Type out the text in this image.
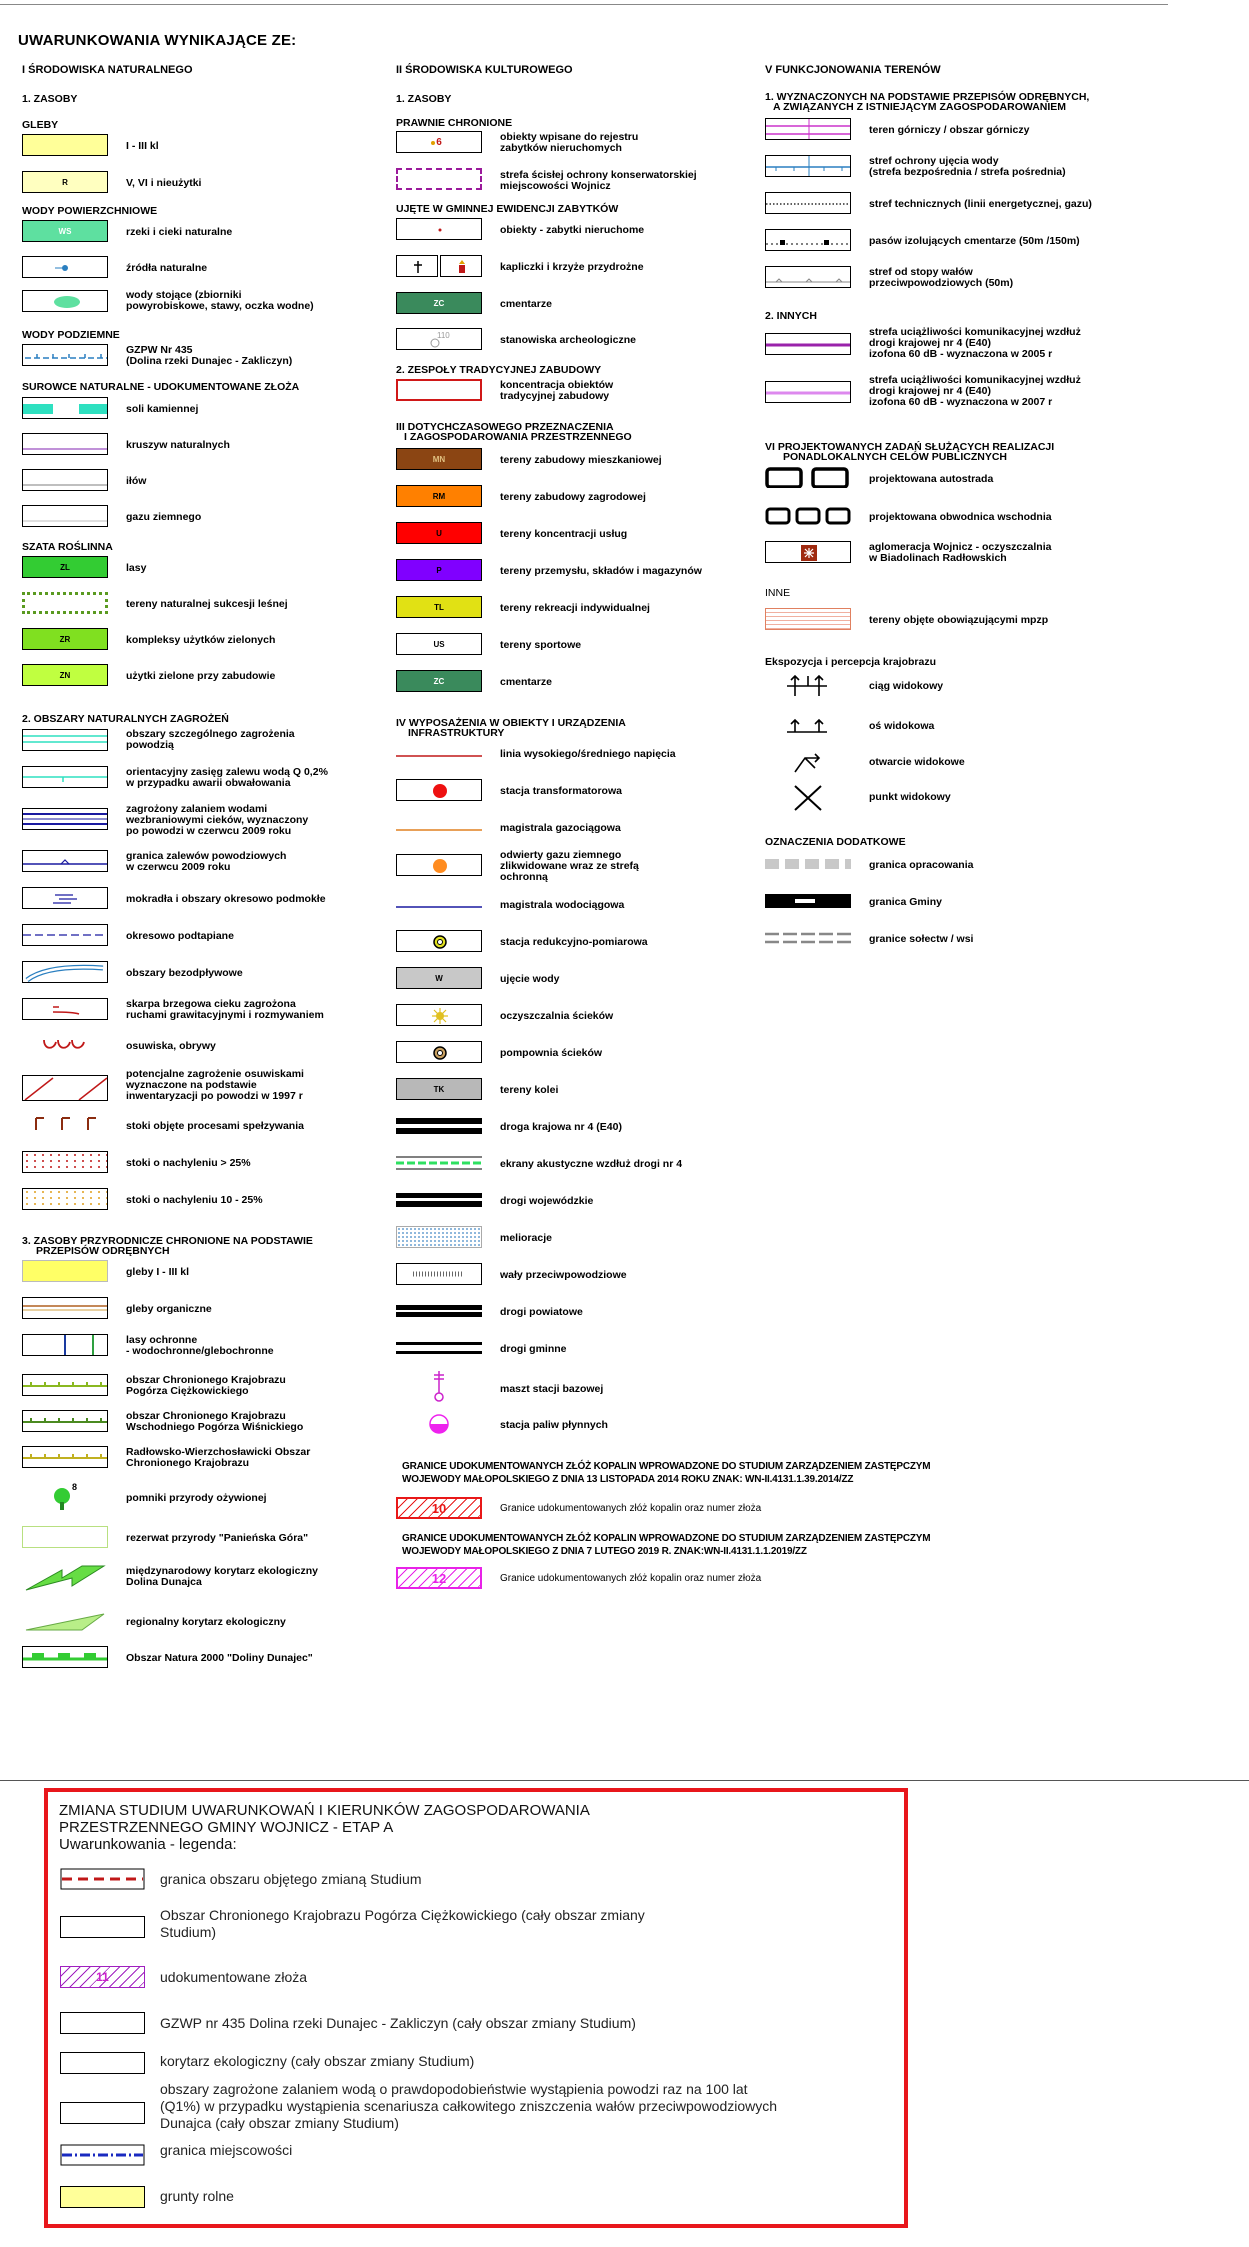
UWARUNKOWANIA WYNIKAJĄCE ZE:
I ŚRODOWISKA NATURALNEGO
1. ZASOBY
GLEBY
I - III kl
R	V, VI i nieużytki
WODY POWIERZCHNIOWE
WS	rzeki i cieki naturalne
źródła naturalne
wody stojące (zbiorniki
powyrobiskowe, stawy, oczka wodne)
WODY PODZIEMNE
GZPW Nr 435
(Dolina rzeki Dunajec - Zakliczyn)
SUROWCE NATURALNE - UDOKUMENTOWANE ZŁOŻA
soli kamiennej
kruszyw naturalnych
iłów
gazu ziemnego
SZATA ROŚLINNA
ZL	lasy
tereny naturalnej sukcesji leśnej
ZR	kompleksy użytków zielonych
ZN	użytki zielone przy zabudowie
2. OBSZARY NATURALNYCH ZAGROŻEŃ
obszary szczególnego zagrożenia
powodzią
orientacyjny zasięg zalewu wodą Q 0,2%
w przypadku awarii obwałowania
zagrożony zalaniem wodami
wezbraniowymi cieków, wyznaczony
po powodzi w czerwcu 2009 roku
granica zalewów powodziowych
w czerwcu 2009 roku
mokradła i obszary okresowo podmokłe
okresowo podtapiane
obszary bezodpływowe
skarpa brzegowa cieku zagrożona
ruchami grawitacyjnymi i rozmywaniem
osuwiska, obrywy
potencjalne zagrożenie osuwiskami
wyznaczone na podstawie
inwentaryzacji po powodzi w 1997 r
stoki objęte procesami spełzywania
stoki o nachyleniu > 25%
stoki o nachyleniu 10 - 25%
3. ZASOBY PRZYRODNICZE CHRONIONE NA PODSTAWIE
PRZEPISÓW ODRĘBNYCH
gleby I - III kl
gleby organiczne
lasy ochronne
- wodochronne/glebochronne
obszar Chronionego Krajobrazu
Pogórza Ciężkowickiego
obszar Chronionego Krajobrazu
Wschodniego Pogórza Wiśnickiego
Radłowsko-Wierzchosławicki Obszar
Chronionego Krajobrazu
8
pomniki przyrody ożywionej
rezerwat przyrody "Panieńska Góra"
międzynarodowy korytarz ekologiczny
Dolina Dunajca
regionalny korytarz ekologiczny
Obszar Natura 2000 "Doliny Dunajec"
II ŚRODOWISKA KULTUROWEGO
1. ZASOBY
PRAWNIE CHRONIONE
6	obiekty wpisane do rejestru
zabytków nieruchomych
strefa ścisłej ochrony konserwatorskiej
miejscowości Wojnicz
UJĘTE W GMINNEJ EWIDENCJI ZABYTKÓW
obiekty - zabytki nieruchome
kapliczki i krzyże przydrożne
ZC	cmentarze
110	stanowiska archeologiczne
2. ZESPOŁY TRADYCYJNEJ ZABUDOWY
koncentracja obiektów
tradycyjnej zabudowy
III DOTYCHCZASOWEGO PRZEZNACZENIA
I ZAGOSPODAROWANIA PRZESTRZENNEGO
MN	tereny zabudowy mieszkaniowej
RM	tereny zabudowy zagrodowej
U	tereny koncentracji usług
P	tereny przemysłu, składów i magazynów
TL	tereny rekreacji indywidualnej
US	tereny sportowe
ZC	cmentarze
IV WYPOSAŻENIA W OBIEKTY I URZĄDZENIA
INFRASTRUKTURY
linia wysokiego/średniego napięcia
stacja transformatorowa
magistrala gazociągowa
odwierty gazu ziemnego
zlikwidowane wraz ze strefą
ochronną
magistrala wodociągowa
stacja redukcyjno-pomiarowa
W	ujęcie wody
oczyszczalnia ścieków
pompownia ścieków
TK	tereny kolei
droga krajowa nr 4 (E40)
ekrany akustyczne wzdłuż drogi nr 4
drogi wojewódzkie
melioracje
wały przeciwpowodziowe
drogi powiatowe
drogi gminne
maszt stacji bazowej
stacja paliw płynnych
GRANICE UDOKUMENTOWANYCH ZŁÓŻ KOPALIN WPROWADZONE DO STUDIUM ZARZĄDZENIEM ZASTĘPCZYM
WOJEWODY MAŁOPOLSKIEGO Z DNIA 13 LISTOPADA 2014 ROKU ZNAK: WN-II.4131.1.39.2014/ZZ
10	Granice udokumentowanych złóż kopalin oraz numer złoża
GRANICE UDOKUMENTOWANYCH ZŁÓŻ KOPALIN WPROWADZONE DO STUDIUM ZARZĄDZENIEM ZASTĘPCZYM
WOJEWODY MAŁOPOLSKIEGO Z DNIA 7 LUTEGO 2019 R. ZNAK:WN-II.4131.1.1.2019/ZZ
12	Granice udokumentowanych złóż kopalin oraz numer złoża
V FUNKCJONOWANIA TERENÓW
1. WYZNACZONYCH NA PODSTAWIE PRZEPISÓW ODRĘBNYCH,
A ZWIĄZANYCH Z ISTNIEJĄCYM ZAGOSPODAROWANIEM
teren górniczy / obszar górniczy
stref ochrony ujęcia wody
(strefa bezpośrednia / strefa pośrednia)
stref technicznych (linii energetycznej, gazu)
pasów izolujących cmentarze (50m /150m)
stref od stopy wałów
przeciwpowodziowych (50m)
2. INNYCH
strefa uciążliwości komunikacyjnej wzdłuż
drogi krajowej nr 4 (E40)
izofona 60 dB - wyznaczona w 2005 r
strefa uciążliwości komunikacyjnej wzdłuż
drogi krajowej nr 4 (E40)
izofona 60 dB - wyznaczona w 2007 r
VI PROJEKTOWANYCH ZADAŃ SŁUŻĄCYCH REALIZACJI
PONADLOKALNYCH CELÓW PUBLICZNYCH
projektowana autostrada
projektowana obwodnica wschodnia
aglomeracja Wojnicz - oczyszczalnia
w Biadolinach Radłowskich
INNE
tereny objęte obowiązującymi mpzp
Ekspozycja i percepcja krajobrazu
ciąg widokowy
oś widokowa
otwarcie widokowe
punkt widokowy
OZNACZENIA DODATKOWE
granica opracowania
granica Gminy
granice sołectw / wsi
ZMIANA STUDIUM UWARUNKOWAŃ I KIERUNKÓW ZAGOSPODAROWANIA
PRZESTRZENNEGO GMINY WOJNICZ - ETAP A
Uwarunkowania - legenda:
granica obszaru objętego zmianą Studium
Obszar Chronionego Krajobrazu Pogórza Ciężkowickiego (cały obszar zmiany
Studium)
11	udokumentowane złoża
GZWP nr 435 Dolina rzeki Dunajec - Zakliczyn (cały obszar zmiany Studium)
korytarz ekologiczny (cały obszar zmiany Studium)
obszary zagrożone zalaniem wodą o prawdopodobieństwie wystąpienia powodzi raz na 100 lat
(Q1%) w przypadku wystąpienia scenariusza całkowitego zniszczenia wałów przeciwpowodziowych
Dunajca (cały obszar zmiany Studium)
granica miejscowości
grunty rolne
